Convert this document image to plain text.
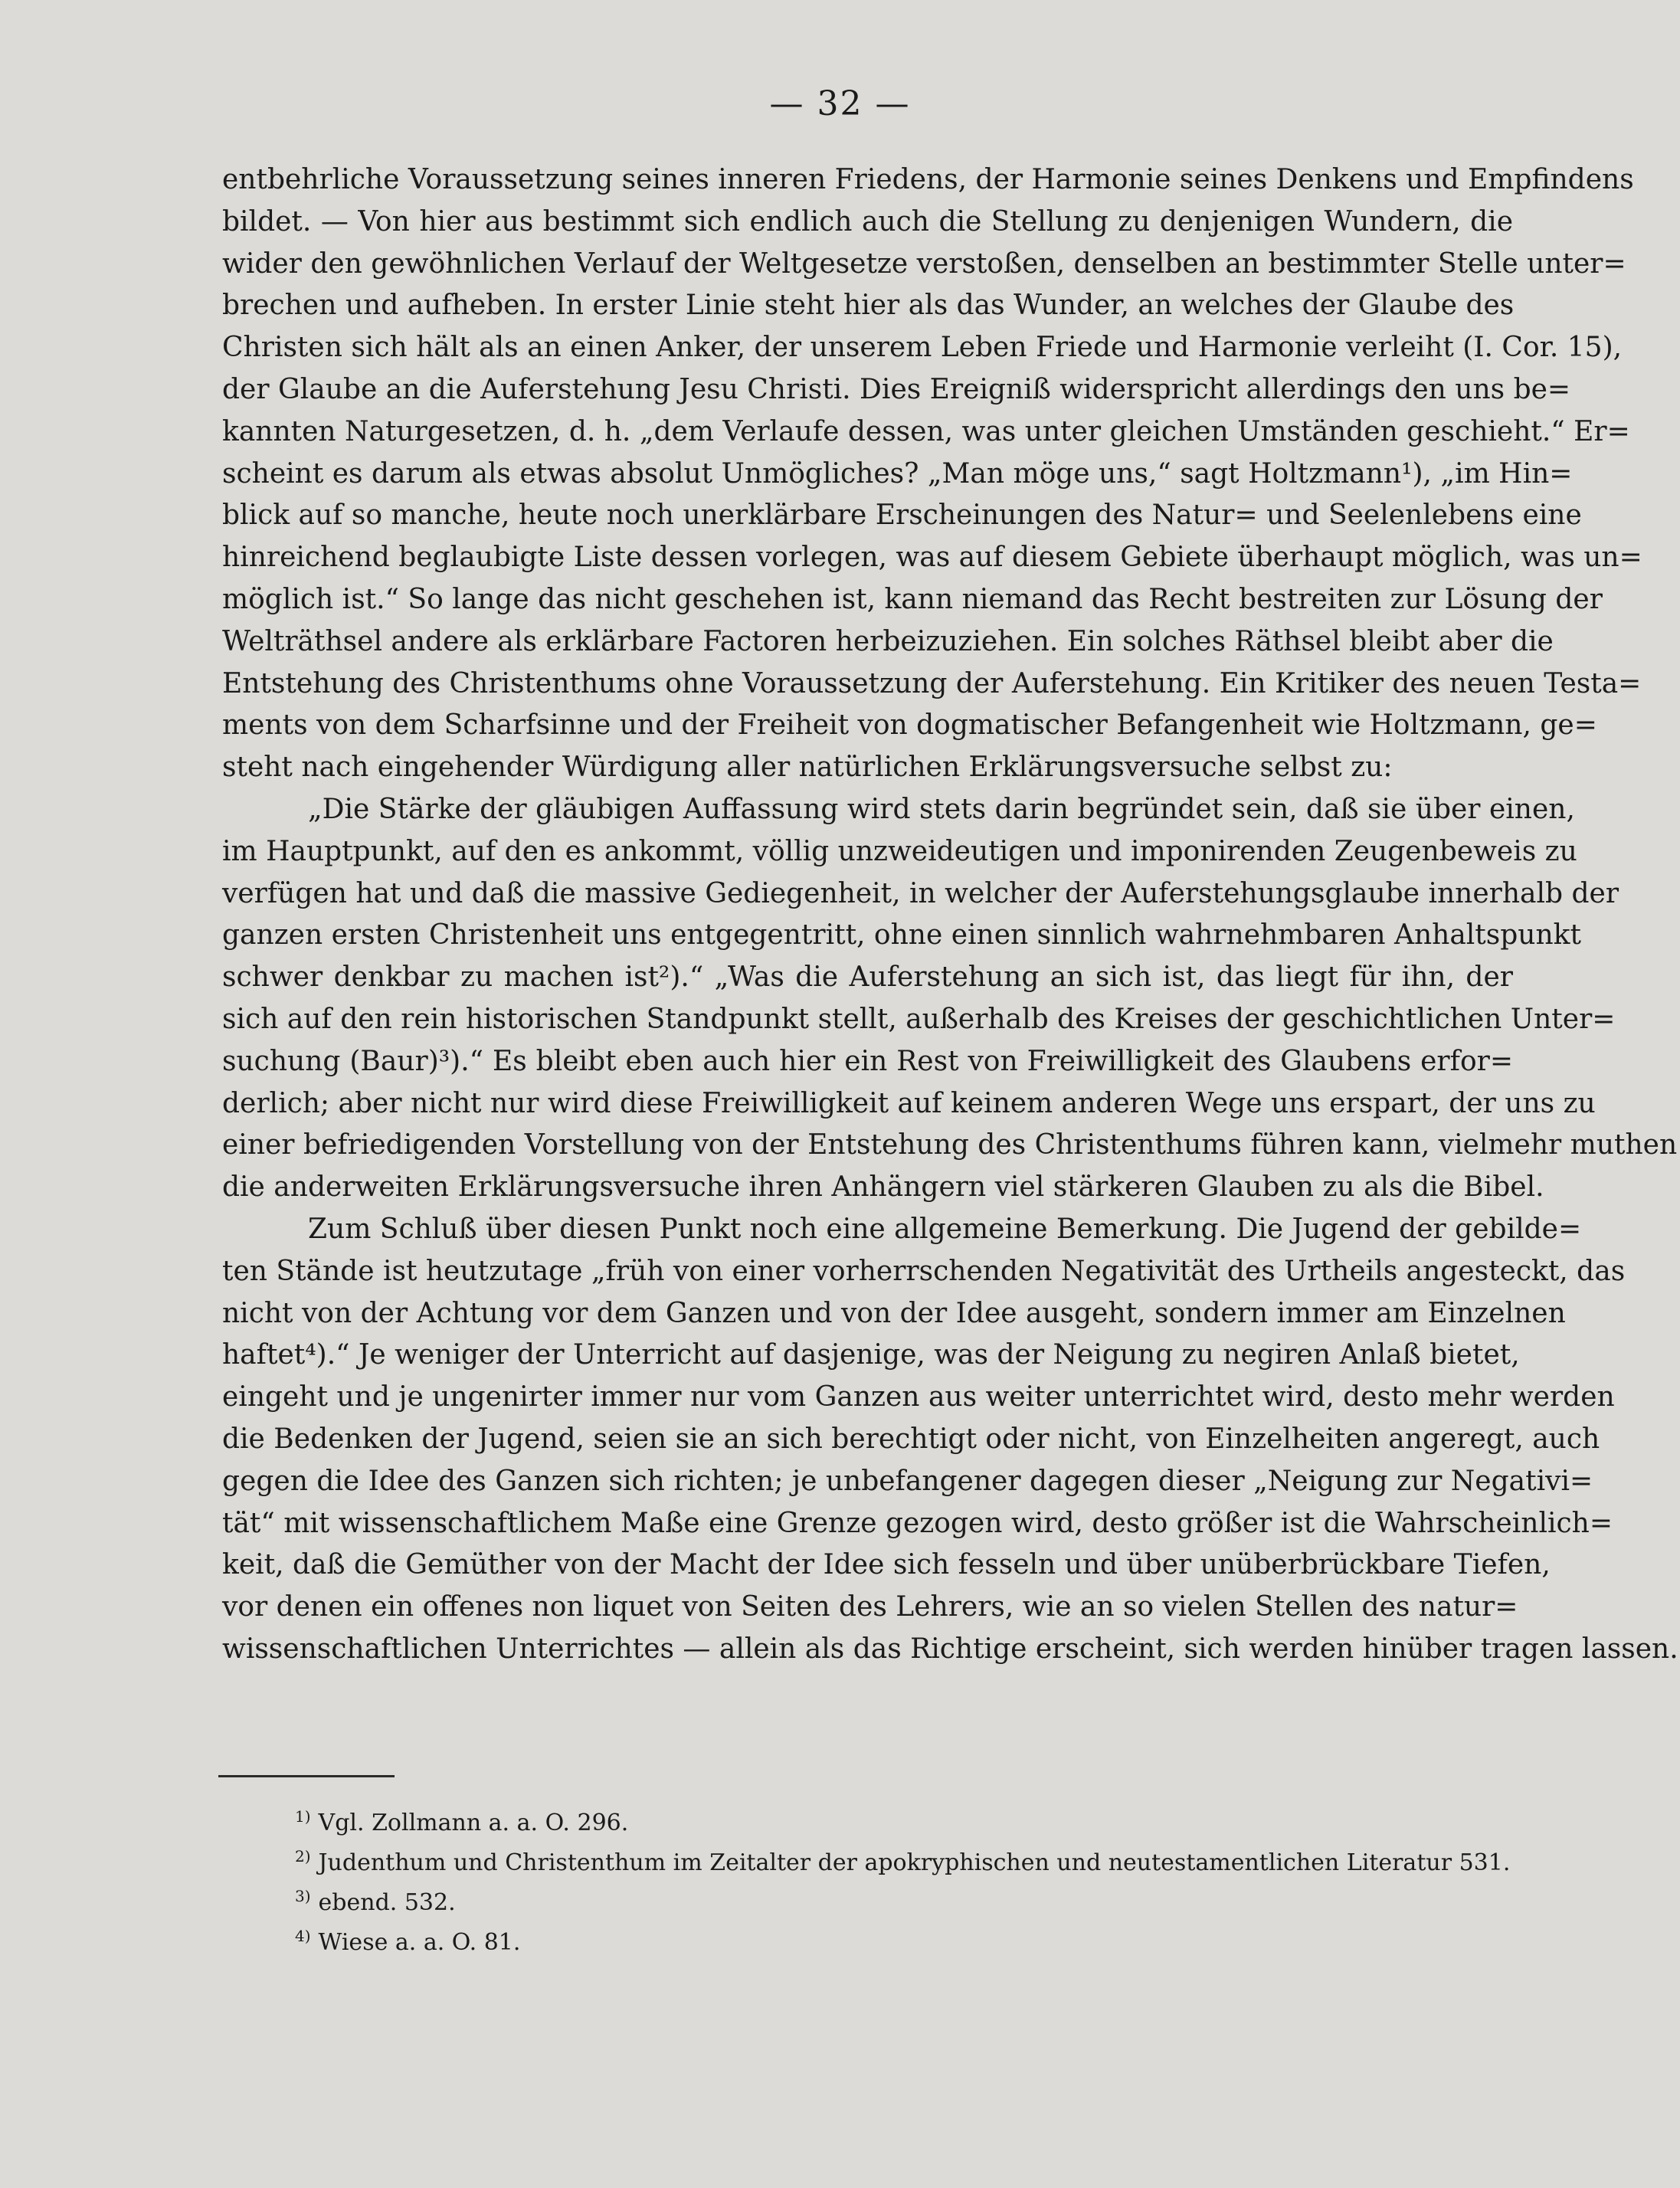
— 32 —
entbehrliche Voraussetzung seines inneren Friedens, der Harmonie seines Denkens und Empfindens
bildet. — Von hier aus bestimmt sich endlich auch die Stellung zu denjenigen Wundern, die
wider den gewöhnlichen Verlauf der Weltgesetze verstoßen, denselben an bestimmter Stelle unter=
brechen und aufheben. In erster Linie steht hier als das Wunder, an welches der Glaube des
Christen sich hält als an einen Anker, der unserem Leben Friede und Harmonie verleiht (I. Cor. 15),
der Glaube an die Auferstehung Jesu Christi. Dies Ereigniß widerspricht allerdings den uns be=
kannten Naturgesetzen, d. h. „dem Verlaufe dessen, was unter gleichen Umständen geschieht.“ Er=
scheint es darum als etwas absolut Unmögliches? „Man möge uns,“ sagt Holtzmann¹), „im Hin=
blick auf so manche, heute noch unerklärbare Erscheinungen des Natur= und Seelenlebens eine
hinreichend beglaubigte Liste dessen vorlegen, was auf diesem Gebiete überhaupt möglich, was un=
möglich ist.“ So lange das nicht geschehen ist, kann niemand das Recht bestreiten zur Lösung der
Welträthsel andere als erklärbare Factoren herbeizuziehen. Ein solches Räthsel bleibt aber die
Entstehung des Christenthums ohne Voraussetzung der Auferstehung. Ein Kritiker des neuen Testa=
ments von dem Scharfsinne und der Freiheit von dogmatischer Befangenheit wie Holtzmann, ge=
steht nach eingehender Würdigung aller natürlichen Erklärungsversuche selbst zu:
„Die Stärke der gläubigen Auffassung wird stets darin begründet sein, daß sie über einen,
im Hauptpunkt, auf den es ankommt, völlig unzweideutigen und imponirenden Zeugenbeweis zu
verfügen hat und daß die massive Gediegenheit, in welcher der Auferstehungsglaube innerhalb der
ganzen ersten Christenheit uns entgegentritt, ohne einen sinnlich wahrnehmbaren Anhaltspunkt
schwer denkbar zu machen ist²).“ „Was die Auferstehung an sich ist, das liegt für ihn, der
sich auf den rein historischen Standpunkt stellt, außerhalb des Kreises der geschichtlichen Unter=
suchung (Baur)³).“ Es bleibt eben auch hier ein Rest von Freiwilligkeit des Glaubens erfor=
derlich; aber nicht nur wird diese Freiwilligkeit auf keinem anderen Wege uns erspart, der uns zu
einer befriedigenden Vorstellung von der Entstehung des Christenthums führen kann, vielmehr muthen
die anderweiten Erklärungsversuche ihren Anhängern viel stärkeren Glauben zu als die Bibel.
Zum Schluß über diesen Punkt noch eine allgemeine Bemerkung. Die Jugend der gebilde=
ten Stände ist heutzutage „früh von einer vorherrschenden Negativität des Urtheils angesteckt, das
nicht von der Achtung vor dem Ganzen und von der Idee ausgeht, sondern immer am Einzelnen
haftet⁴).“ Je weniger der Unterricht auf dasjenige, was der Neigung zu negiren Anlaß bietet,
eingeht und je ungenirter immer nur vom Ganzen aus weiter unterrichtet wird, desto mehr werden
die Bedenken der Jugend, seien sie an sich berechtigt oder nicht, von Einzelheiten angeregt, auch
gegen die Idee des Ganzen sich richten; je unbefangener dagegen dieser „Neigung zur Negativi=
tät“ mit wissenschaftlichem Maße eine Grenze gezogen wird, desto größer ist die Wahrscheinlich=
keit, daß die Gemüther von der Macht der Idee sich fesseln und über unüberbrückbare Tiefen,
vor denen ein offenes non liquet von Seiten des Lehrers, wie an so vielen Stellen des natur=
wissenschaftlichen Unterrichtes — allein als das Richtige erscheint, sich werden hinüber tragen lassen.
$^{1)}$ Vgl. Zollmann a. a. O. 296.
$^{2)}$ Judenthum und Christenthum im Zeitalter der apokryphischen und neutestamentlichen Literatur 531.
$^{3)}$ ebend. 532.
$^{4)}$ Wiese a. a. O. 81.
